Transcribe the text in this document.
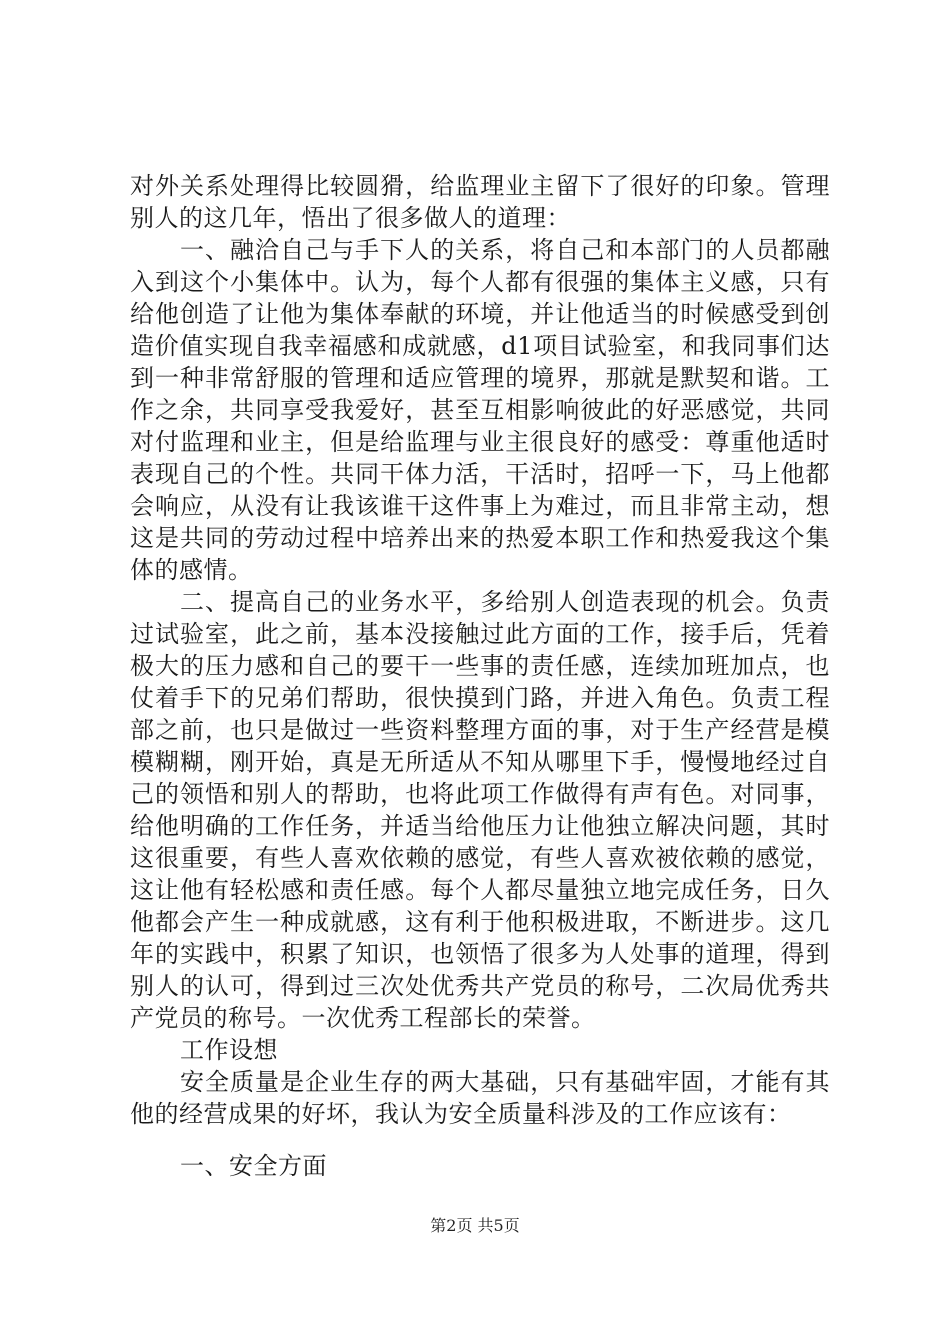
对外关系处理得比较圆猾，给监理业主留下了很好的印象。管理别人的这几年，悟出了很多做人的道理：

一、融洽自己与手下人的关系，将自己和本部门的人员都融入到这个小集体中。认为，每个人都有很强的集体主义感，只有给他创造了让他为集体奉献的环境，并让他适当的时候感受到创造价值实现自我幸福感和成就感，d1项目试验室，和我同事们达到一种非常舒服的管理和适应管理的境界，那就是默契和谐。工作之余，共同享受我爱好，甚至互相影响彼此的好恶感觉，共同对付监理和业主，但是给监理与业主很良好的感受：尊重他适时表现自己的个性。共同干体力活，干活时，招呼一下，马上他都会响应，从没有让我该谁干这件事上为难过，而且非常主动，想这是共同的劳动过程中培养出来的热爱本职工作和热爱我这个集体的感情。

二、提高自己的业务水平，多给别人创造表现的机会。负责过试验室，此之前，基本没接触过此方面的工作，接手后，凭着极大的压力感和自己的要干一些事的责任感，连续加班加点，也仗着手下的兄弟们帮助，很快摸到门路，并进入角色。负责工程部之前，也只是做过一些资料整理方面的事，对于生产经营是模模糊糊，刚开始，真是无所适从不知从哪里下手，慢慢地经过自己的领悟和别人的帮助，也将此项工作做得有声有色。对同事，给他明确的工作任务，并适当给他压力让他独立解决问题，其时这很重要，有些人喜欢依赖的感觉，有些人喜欢被依赖的感觉，这让他有轻松感和责任感。每个人都尽量独立地完成任务，日久他都会产生一种成就感，这有利于他积极进取，不断进步。这几年的实践中，积累了知识，也领悟了很多为人处事的道理，得到别人的认可，得到过三次处优秀共产党员的称号，二次局优秀共产党员的称号。一次优秀工程部长的荣誉。

工作设想

安全质量是企业生存的两大基础，只有基础牢固，才能有其他的经营成果的好坏，我认为安全质量科涉及的工作应该有：

一、安全方面

第2页 共5页
